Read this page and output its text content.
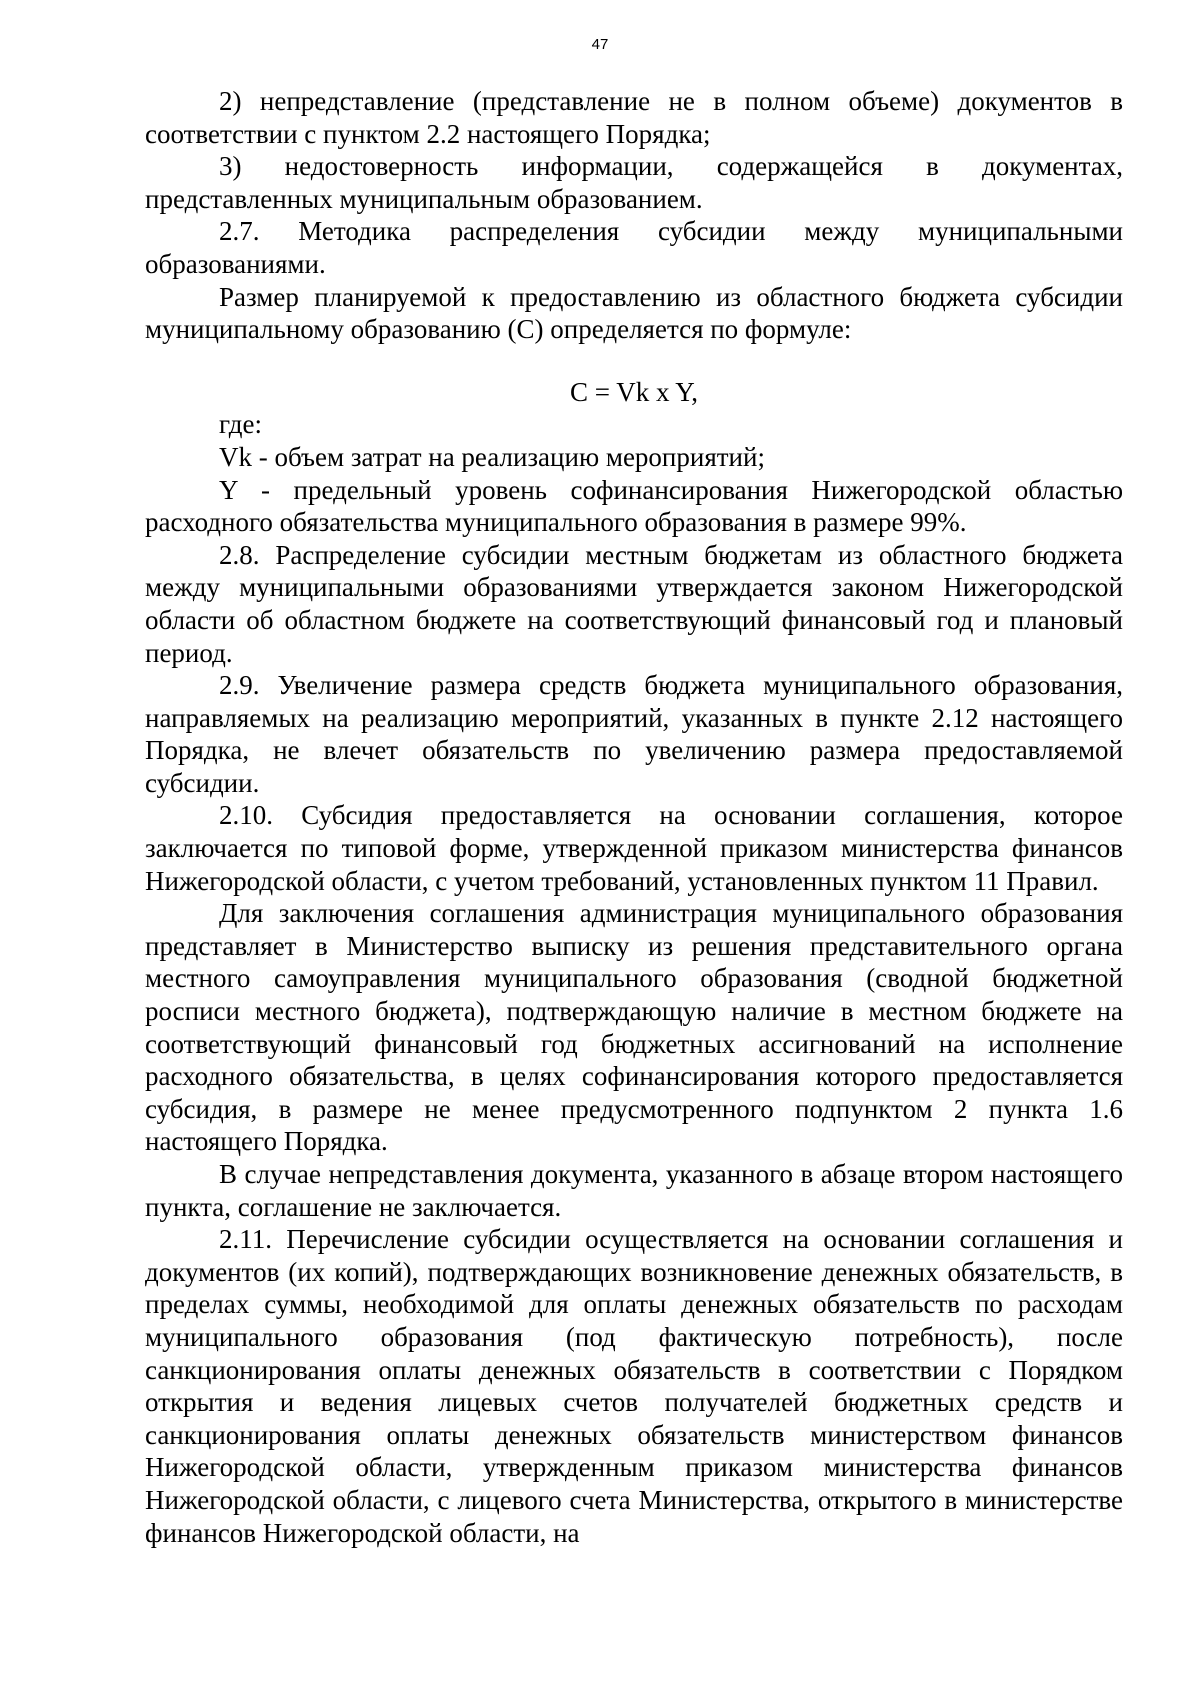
47

2) непредставление (представление не в полном объеме) документов в соответствии с пунктом 2.2 настоящего Порядка;

3) недостоверность информации, содержащейся в документах, представленных муниципальным образованием.

2.7. Методика распределения субсидии между муниципальными образованиями.

Размер планируемой к предоставлению из областного бюджета субсидии муниципальному образованию (С) определяется по формуле:

C = Vk x Y,

где:

Vk - объем затрат на реализацию мероприятий;

Y - предельный уровень софинансирования Нижегородской областью расходного обязательства муниципального образования в размере 99%.

2.8. Распределение субсидии местным бюджетам из областного бюджета между муниципальными образованиями утверждается законом Нижегородской области об областном бюджете на соответствующий финансовый год и плановый период.

2.9. Увеличение размера средств бюджета муниципального образования, направляемых на реализацию мероприятий, указанных в пункте 2.12 настоящего Порядка, не влечет обязательств по увеличению размера предоставляемой субсидии.

2.10. Субсидия предоставляется на основании соглашения, которое заключается по типовой форме, утвержденной приказом министерства финансов Нижегородской области, с учетом требований, установленных пунктом 11 Правил.

Для заключения соглашения администрация муниципального образования представляет в Министерство выписку из решения представительного органа местного самоуправления муниципального образования (сводной бюджетной росписи местного бюджета), подтверждающую наличие в местном бюджете на соответствующий финансовый год бюджетных ассигнований на исполнение расходного обязательства, в целях софинансирования которого предоставляется субсидия, в размере не менее предусмотренного подпунктом 2 пункта 1.6 настоящего Порядка.

В случае непредставления документа, указанного в абзаце втором настоящего пункта, соглашение не заключается.

2.11. Перечисление субсидии осуществляется на основании соглашения и документов (их копий), подтверждающих возникновение денежных обязательств, в пределах суммы, необходимой для оплаты денежных обязательств по расходам муниципального образования (под фактическую потребность), после санкционирования оплаты денежных обязательств в соответствии с Порядком открытия и ведения лицевых счетов получателей бюджетных средств и санкционирования оплаты денежных обязательств министерством финансов Нижегородской области, утвержденным приказом министерства финансов Нижегородской области, с лицевого счета Министерства, открытого в министерстве финансов Нижегородской области, на
